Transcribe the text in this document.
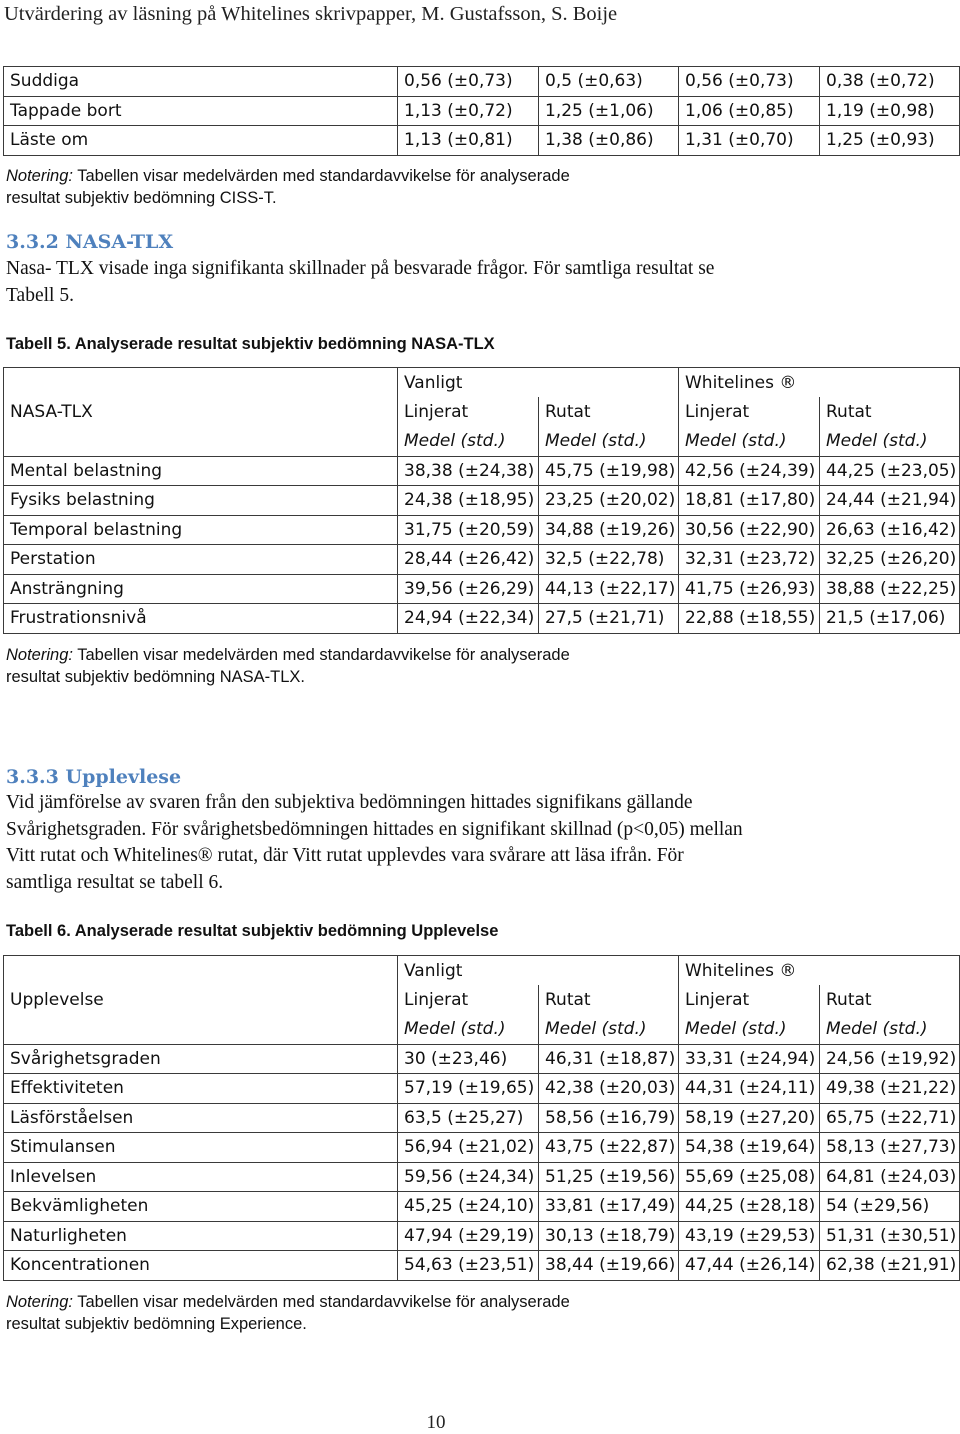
Utvärdering av läsning på Whitelines skrivpapper, M. Gustafsson, S. Boije
Suddiga	0,56 (±0,73)	0,5 (±0,63)	0,56 (±0,73)	0,38 (±0,72)
Tappade bort	1,13 (±0,72)	1,25 (±1,06)	1,06 (±0,85)	1,19 (±0,98)
Läste om	1,13 (±0,81)	1,38 (±0,86)	1,31 (±0,70)	1,25 (±0,93)
Notering: Tabellen visar medelvärden med standardavvikelse för analyserade
resultat subjektiv bedömning CISS-T.
3.3.2 NASA-TLX
Nasa- TLX visade inga signifikanta skillnader på besvarade frågor. För samtliga resultat se
Tabell 5.
Tabell 5. Analyserade resultat subjektiv bedömning NASA-TLX
	Vanligt		Whitelines ®	
NASA-TLX	Linjerat	Rutat	Linjerat	Rutat
	Medel (std.)	Medel (std.)	Medel (std.)	Medel (std.)
Mental belastning	38,38 (±24,38)	45,75 (±19,98)	42,56 (±24,39)	44,25 (±23,05)
Fysiks belastning	24,38 (±18,95)	23,25 (±20,02)	18,81 (±17,80)	24,44 (±21,94)
Temporal belastning	31,75 (±20,59)	34,88 (±19,26)	30,56 (±22,90)	26,63 (±16,42)
Perstation	28,44 (±26,42)	32,5 (±22,78)	32,31 (±23,72)	32,25 (±26,20)
Ansträngning	39,56 (±26,29)	44,13 (±22,17)	41,75 (±26,93)	38,88 (±22,25)
Frustrationsnivå	24,94 (±22,34)	27,5 (±21,71)	22,88 (±18,55)	21,5 (±17,06)
Notering: Tabellen visar medelvärden med standardavvikelse för analyserade
resultat subjektiv bedömning NASA-TLX.
3.3.3 Upplevlese
Vid jämförelse av svaren från den subjektiva bedömningen hittades signifikans gällande
Svårighetsgraden. För svårighetsbedömningen hittades en signifikant skillnad (p<0,05) mellan
Vitt rutat och Whitelines® rutat, där Vitt rutat upplevdes vara svårare att läsa ifrån. För
samtliga resultat se tabell 6.
Tabell 6. Analyserade resultat subjektiv bedömning Upplevelse
	Vanligt		Whitelines ®	
Upplevelse	Linjerat	Rutat	Linjerat	Rutat
	Medel (std.)	Medel (std.)	Medel (std.)	Medel (std.)
Svårighetsgraden	30 (±23,46)	46,31 (±18,87)	33,31 (±24,94)	24,56 (±19,92)
Effektiviteten	57,19 (±19,65)	42,38 (±20,03)	44,31 (±24,11)	49,38 (±21,22)
Läsförståelsen	63,5 (±25,27)	58,56 (±16,79)	58,19 (±27,20)	65,75 (±22,71)
Stimulansen	56,94 (±21,02)	43,75 (±22,87)	54,38 (±19,64)	58,13 (±27,73)
Inlevelsen	59,56 (±24,34)	51,25 (±19,56)	55,69 (±25,08)	64,81 (±24,03)
Bekvämligheten	45,25 (±24,10)	33,81 (±17,49)	44,25 (±28,18)	54 (±29,56)
Naturligheten	47,94 (±29,19)	30,13 (±18,79)	43,19 (±29,53)	51,31 (±30,51)
Koncentrationen	54,63 (±23,51)	38,44 (±19,66)	47,44 (±26,14)	62,38 (±21,91)
Notering: Tabellen visar medelvärden med standardavvikelse för analyserade
resultat subjektiv bedömning Experience.
10
